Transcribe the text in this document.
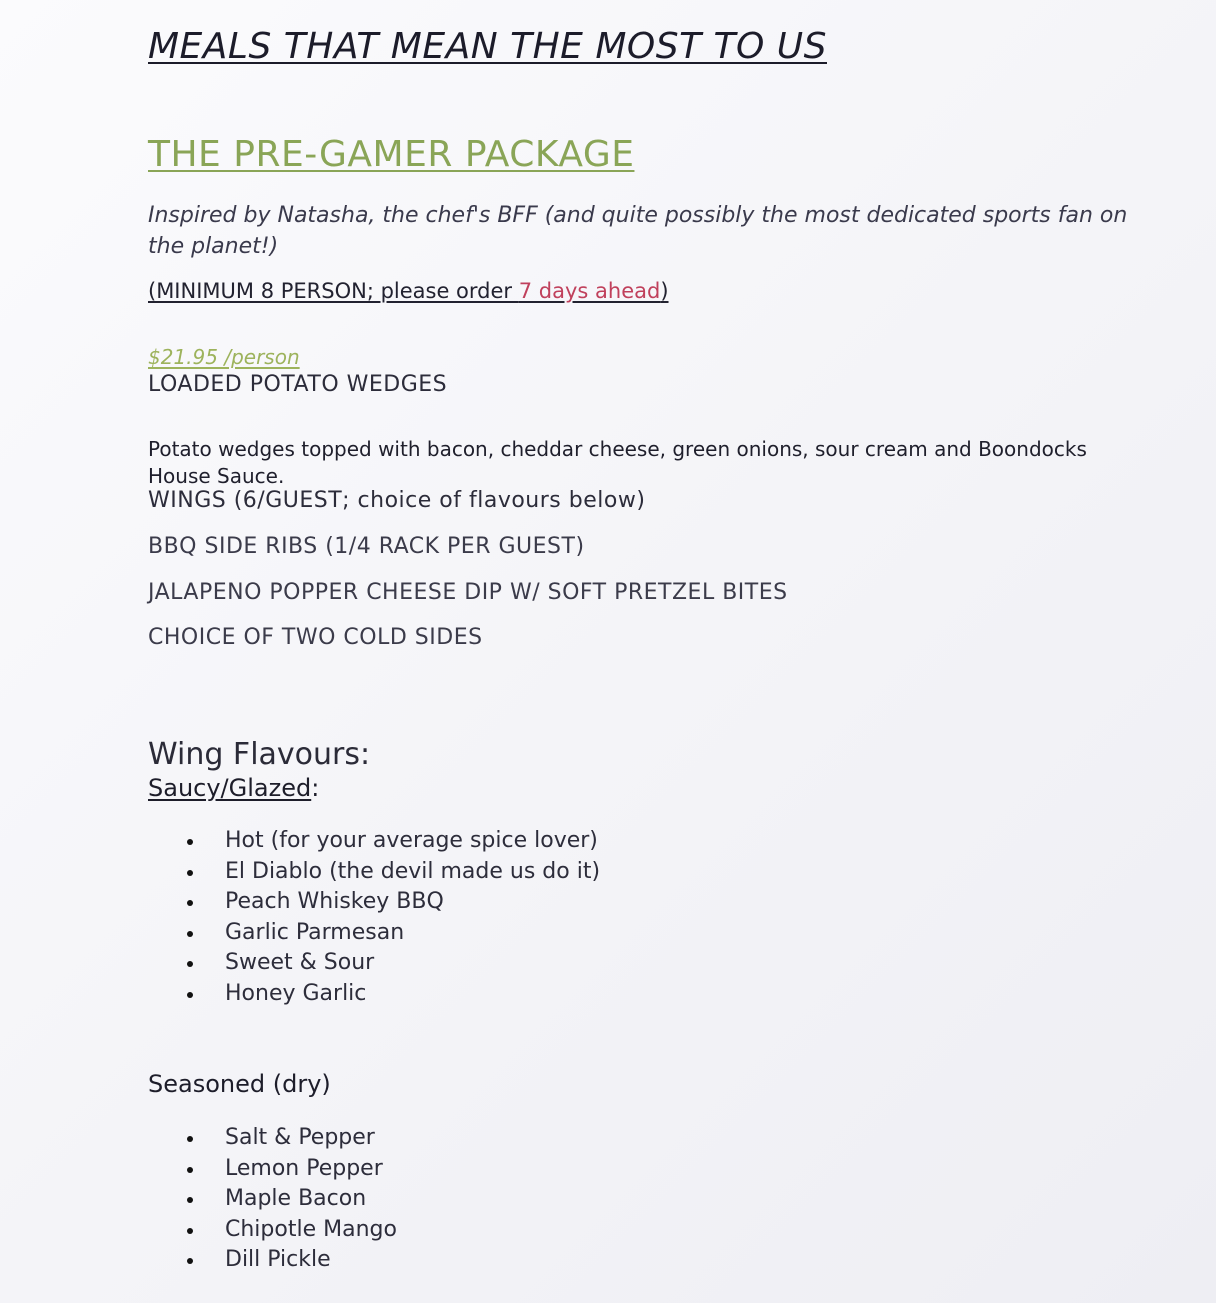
MEALS THAT MEAN THE MOST TO US
THE PRE-GAMER PACKAGE
Inspired by Natasha, the chef's BFF (and quite possibly the most dedicated sports fan on the planet!)
(MINIMUM 8 PERSON; please order 7 days ahead)
$21.95 /person
LOADED POTATO WEDGES
Potato wedges topped with bacon, cheddar cheese, green onions, sour cream and Boondocks House Sauce.
WINGS (6/GUEST; choice of flavours below)
BBQ SIDE RIBS (1/4 RACK PER GUEST)
JALAPENO POPPER CHEESE DIP W/ SOFT PRETZEL BITES
CHOICE OF TWO COLD SIDES
Wing Flavours:
Saucy/Glazed:
Hot (for your average spice lover)
El Diablo (the devil made us do it)
Peach Whiskey BBQ
Garlic Parmesan
Sweet & Sour
Honey Garlic
Seasoned (dry)
Salt & Pepper
Lemon Pepper
Maple Bacon
Chipotle Mango
Dill Pickle
